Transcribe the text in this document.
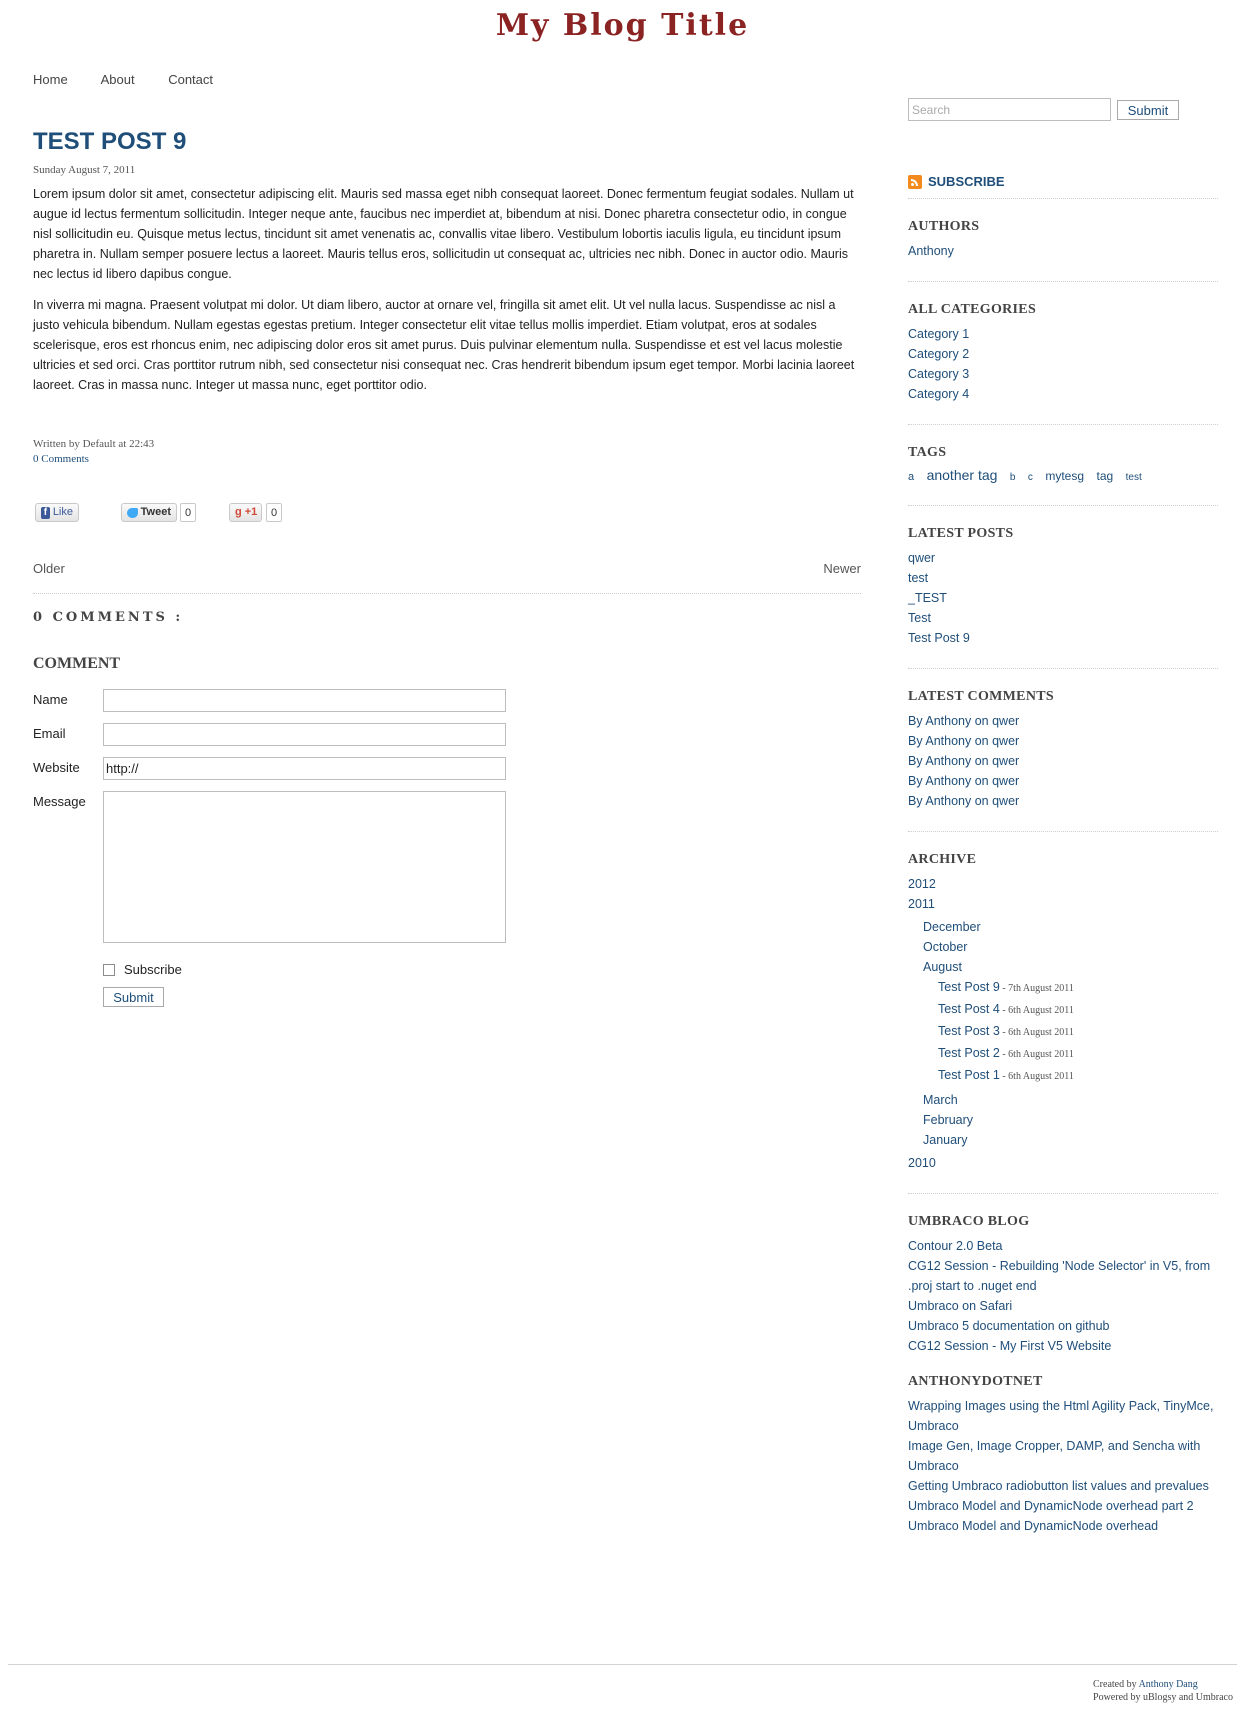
My Blog Title
Home	About	Contact
TEST POST 9
Sunday August 7, 2011

Lorem ipsum dolor sit amet, consectetur adipiscing elit. Mauris sed massa eget nibh consequat laoreet. Donec fermentum feugiat sodales. Nullam ut augue id lectus fermentum sollicitudin. Integer neque ante, faucibus nec imperdiet at, bibendum at nisi. Donec pharetra consectetur odio, in congue nisl sollicitudin eu. Quisque metus lectus, tincidunt sit amet venenatis ac, convallis vitae libero. Vestibulum lobortis iaculis ligula, eu tincidunt ipsum pharetra in. Nullam semper posuere lectus a laoreet. Mauris tellus eros, sollicitudin ut consequat ac, ultricies nec nibh. Donec in auctor odio. Mauris nec lectus id libero dapibus congue.

In viverra mi magna. Praesent volutpat mi dolor. Ut diam libero, auctor at ornare vel, fringilla sit amet elit. Ut vel nulla lacus. Suspendisse ac nisl a justo vehicula bibendum. Nullam egestas egestas pretium. Integer consectetur elit vitae tellus mollis imperdiet. Etiam volutpat, eros at sodales scelerisque, eros est rhoncus enim, nec adipiscing dolor eros sit amet purus. Duis pulvinar elementum nulla. Suspendisse et est vel lacus molestie ultricies et sed orci. Cras porttitor rutrum nibh, sed consectetur nisi consequat nec. Cras hendrerit bibendum ipsum eget tempor. Morbi lacinia laoreet laoreet. Cras in massa nunc. Integer ut massa nunc, eget porttitor odio.

Written by Default at 22:43
0 Comments
f Like	Tweet	0	g +1	0
Older	Newer
0 COMMENTS :
COMMENT
Name
Email
Website
http://
Message
Subscribe
Submit
Search
Submit
SUBSCRIBE
AUTHORS
Anthony
ALL CATEGORIES
Category 1
Category 2
Category 3
Category 4
TAGS
a another tag b c mytesg tag test
LATEST POSTS
qwer
test
_TEST
Test
Test Post 9
LATEST COMMENTS
By Anthony on qwer
By Anthony on qwer
By Anthony on qwer
By Anthony on qwer
By Anthony on qwer
ARCHIVE
2012
2011
December
October
August
Test Post 9 - 7th August 2011
Test Post 4 - 6th August 2011
Test Post 3 - 6th August 2011
Test Post 2 - 6th August 2011
Test Post 1 - 6th August 2011
March
February
January
2010
UMBRACO BLOG
Contour 2.0 Beta
CG12 Session - Rebuilding 'Node Selector' in V5, from .proj start to .nuget end
Umbraco on Safari
Umbraco 5 documentation on github
CG12 Session - My First V5 Website
ANTHONYDOTNET
Wrapping Images using the Html Agility Pack, TinyMce, Umbraco
Image Gen, Image Cropper, DAMP, and Sencha with Umbraco
Getting Umbraco radiobutton list values and prevalues
Umbraco Model and DynamicNode overhead part 2
Umbraco Model and DynamicNode overhead
Created by Anthony Dang
Powered by uBlogsy and Umbraco
